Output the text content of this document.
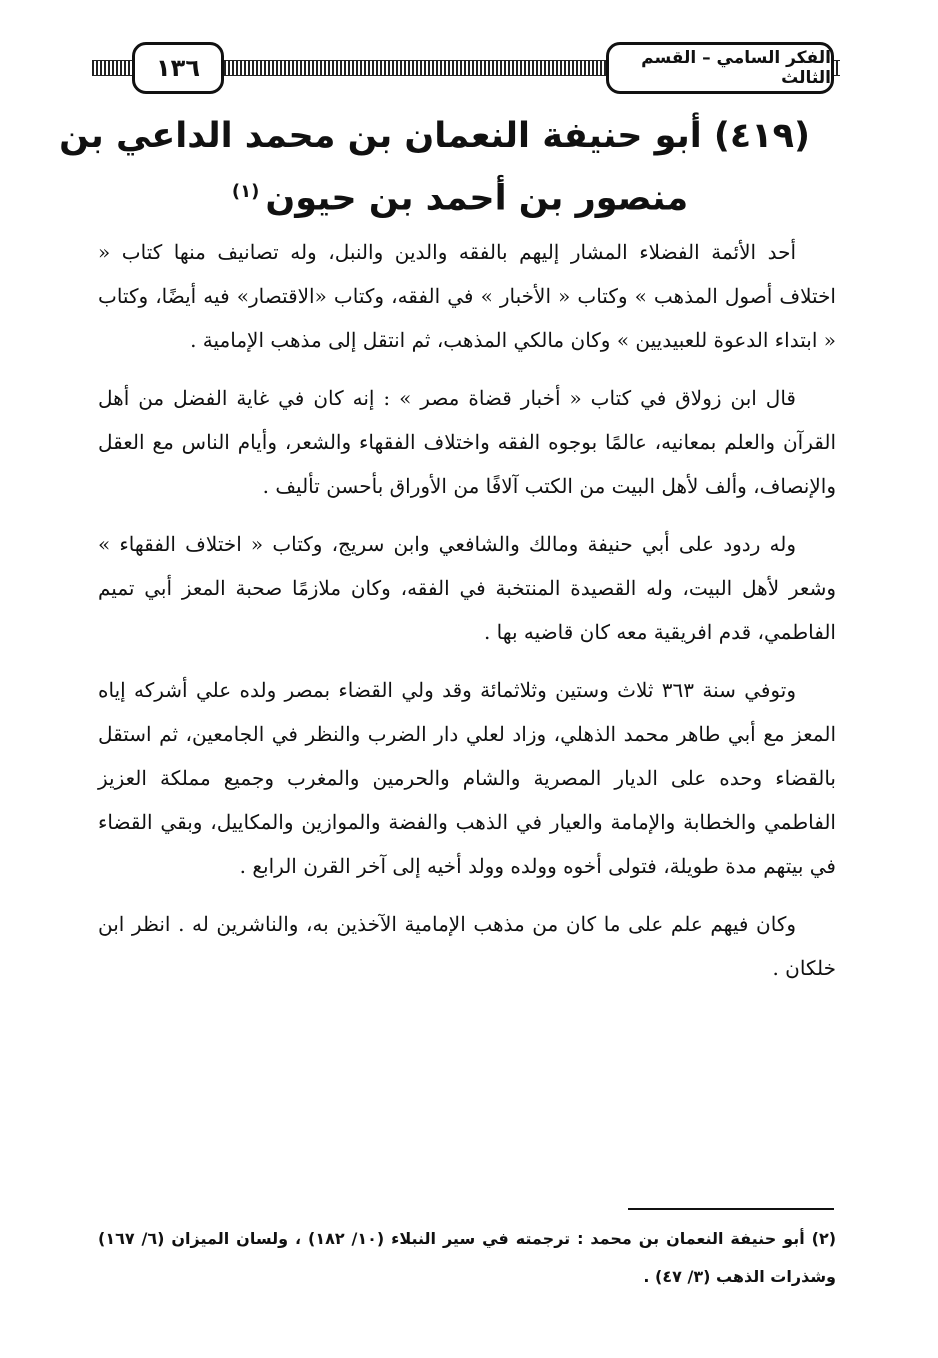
١٣٦	الفكر السامي – القسم الثالث
(٤١٩) أبو حنيفة النعمان بن محمد الداعي بن
منصور بن أحمد بن حيون$^{(١)}$

أحد الأئمة الفضلاء المشار إليهم بالفقه والدين والنبل، وله تصانيف منها كتاب « اختلاف أصول المذهب » وكتاب « الأخبار » في الفقه، وكتاب «الاقتصار» فيه أيضًا، وكتاب « ابتداء الدعوة للعبيديين » وكان مالكي المذهب، ثم انتقل إلى مذهب الإمامية .

قال ابن زولاق في كتاب « أخبار قضاة مصر » : إنه كان في غاية الفضل من أهل القرآن والعلم بمعانيه، عالمًا بوجوه الفقه واختلاف الفقهاء والشعر، وأيام الناس مع العقل والإنصاف، وألف لأهل البيت من الكتب آلافًا من الأوراق بأحسن تأليف .

وله ردود على أبي حنيفة ومالك والشافعي وابن سريج، وكتاب « اختلاف الفقهاء » وشعر لأهل البيت، وله القصيدة المنتخبة في الفقه، وكان ملازمًا صحبة المعز أبي تميم الفاطمي، قدم افريقية معه كان قاضيه بها .

وتوفي سنة ٣٦٣ ثلاث وستين وثلاثمائة وقد ولي القضاء بمصر ولده علي أشركه إياه المعز مع أبي طاهر محمد الذهلي، وزاد لعلي دار الضرب والنظر في الجامعين، ثم استقل بالقضاء وحده على الديار المصرية والشام والحرمين والمغرب وجميع مملكة العزيز الفاطمي والخطابة والإمامة والعيار في الذهب والفضة والموازين والمكاييل، وبقي القضاء في بيتهم مدة طويلة، فتولى أخوه وولده وولد أخيه إلى آخر القرن الرابع .

وكان فيهم علم على ما كان من مذهب الإمامية الآخذين به، والناشرين له . انظر ابن خلكان .

(٢) أبو حنيفة النعمان بن محمد : ترجمته في سير النبلاء (١٠/ ١٨٢) ، ولسان الميزان (٦/ ١٦٧) وشذرات الذهب (٣/ ٤٧) .
